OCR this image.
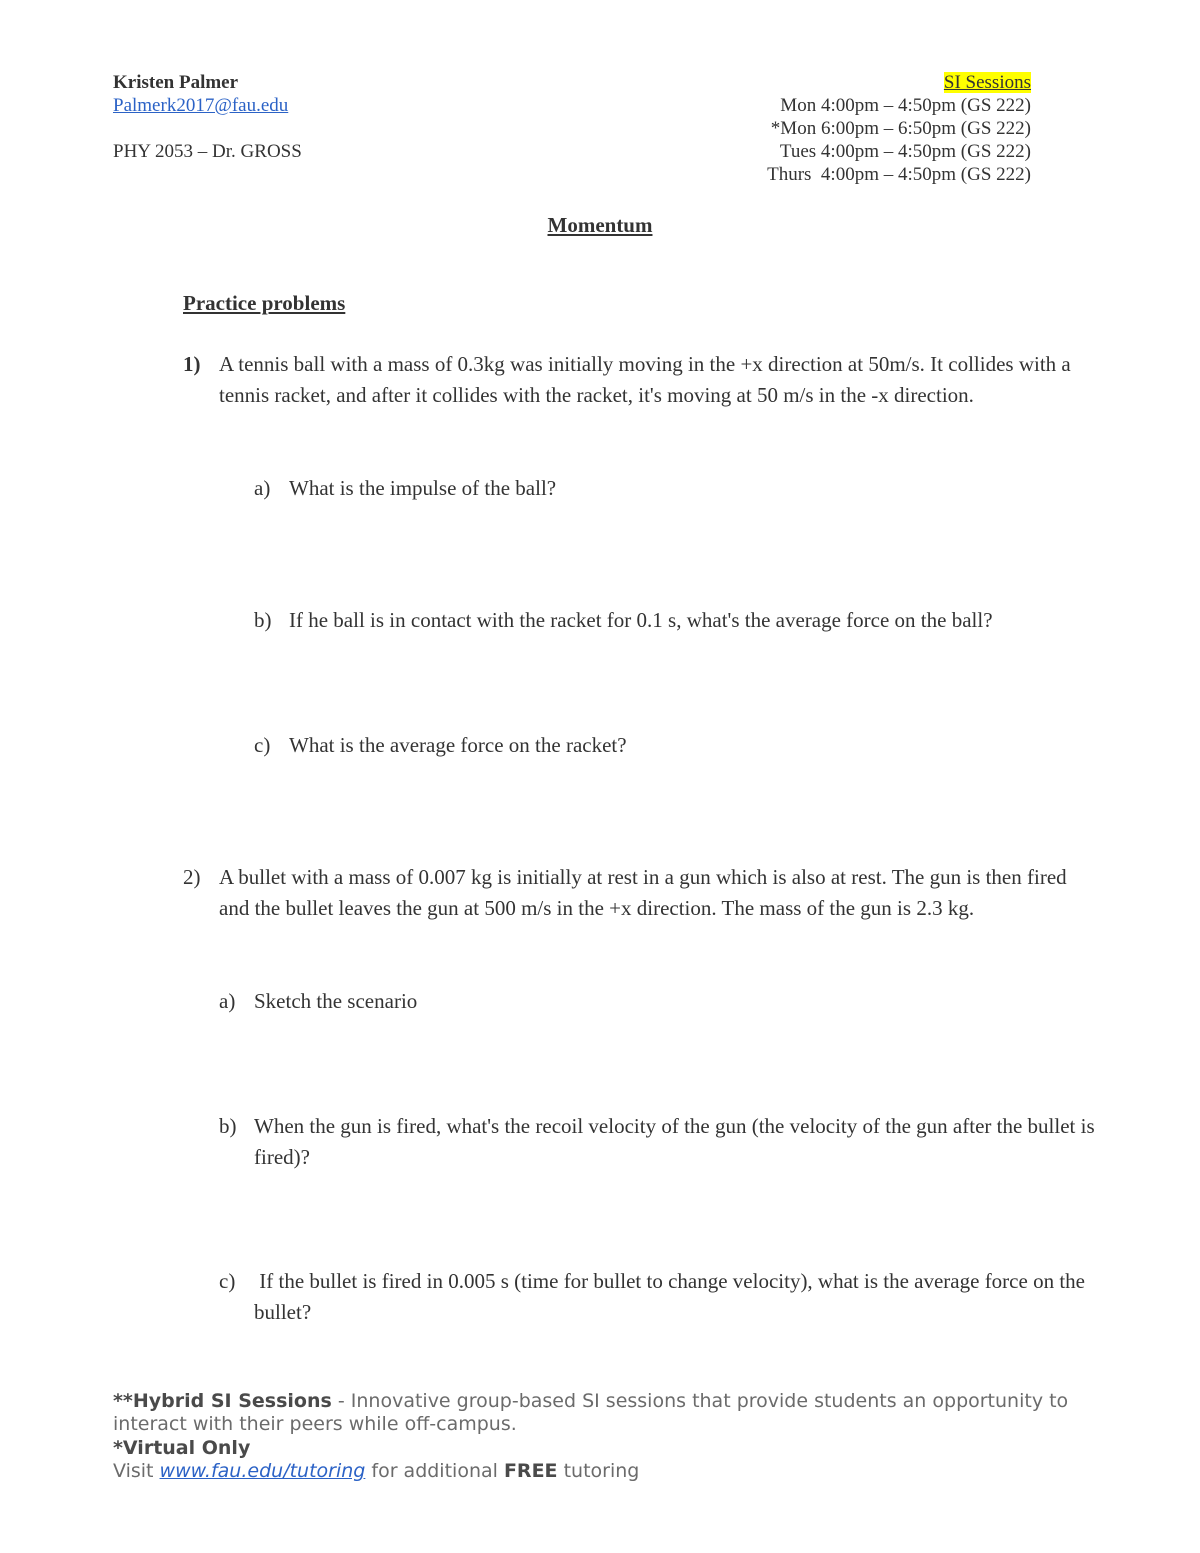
Kristen Palmer
Palmerk2017@fau.edu
PHY 2053 – Dr. GROSS
SI Sessions
Mon 4:00pm – 4:50pm (GS 222)
*Mon 6:00pm – 6:50pm (GS 222)
Tues 4:00pm – 4:50pm (GS 222)
Thurs  4:00pm – 4:50pm (GS 222)
Momentum
Practice problems
1) A tennis ball with a mass of 0.3kg was initially moving in the +x direction at 50m/s. It collides with a tennis racket, and after it collides with the racket, it's moving at 50 m/s in the -x direction.
a) What is the impulse of the ball?
b) If he ball is in contact with the racket for 0.1 s, what's the average force on the ball?
c) What is the average force on the racket?
2) A bullet with a mass of 0.007 kg is initially at rest in a gun which is also at rest. The gun is then fired and the bullet leaves the gun at 500 m/s in the +x direction. The mass of the gun is 2.3 kg.
a) Sketch the scenario
b) When the gun is fired, what's the recoil velocity of the gun (the velocity of the gun after the bullet is fired)?
c) If the bullet is fired in 0.005 s (time for bullet to change velocity), what is the average force on the bullet?
**Hybrid SI Sessions - Innovative group-based SI sessions that provide students an opportunity to interact with their peers while off-campus.
*Virtual Only
Visit www.fau.edu/tutoring for additional FREE tutoring
